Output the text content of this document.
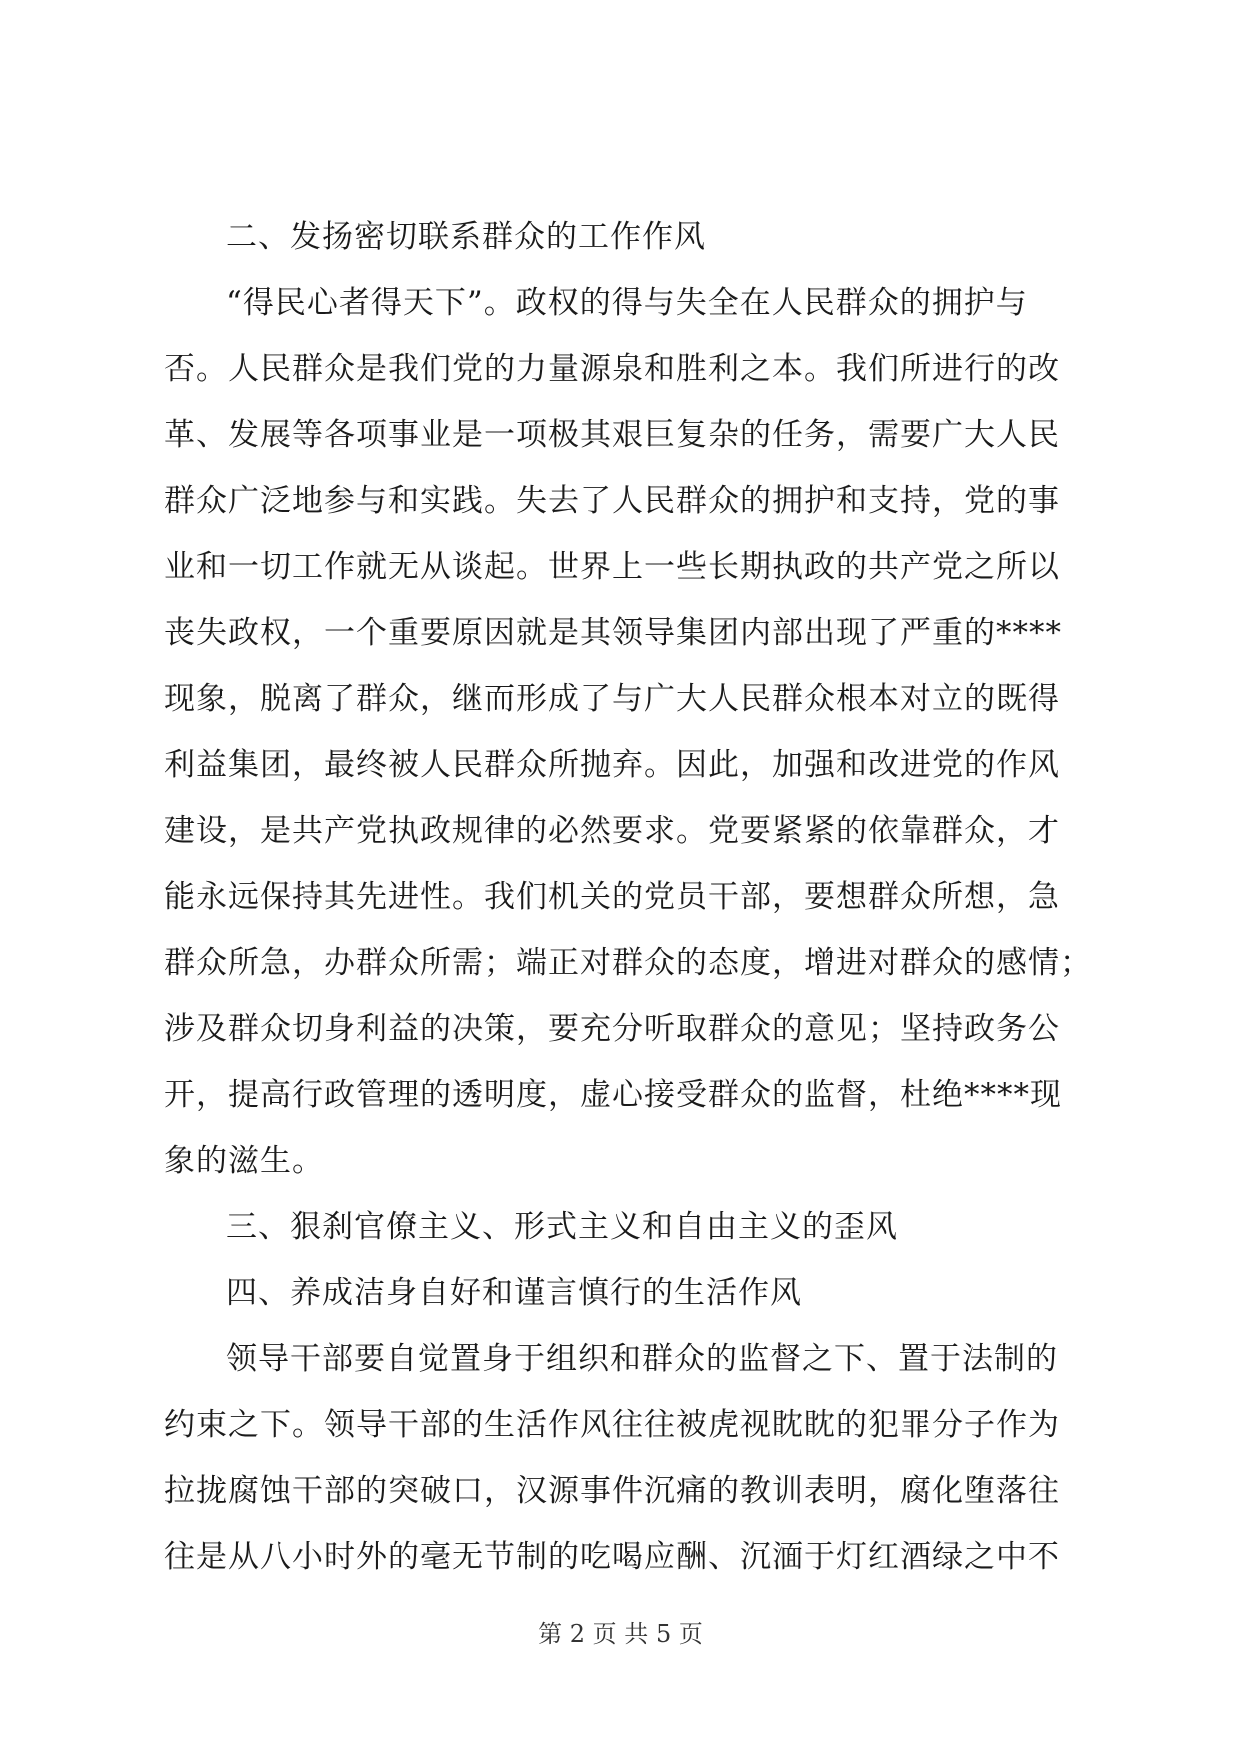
二、发扬密切联系群众的工作作风
“得民心者得天下”。政权的得与失全在人民群众的拥护与
否。人民群众是我们党的力量源泉和胜利之本。我们所进行的改
革、发展等各项事业是一项极其艰巨复杂的任务，需要广大人民
群众广泛地参与和实践。失去了人民群众的拥护和支持，党的事
业和一切工作就无从谈起。世界上一些长期执政的共产党之所以
丧失政权，一个重要原因就是其领导集团内部出现了严重的****
现象，脱离了群众，继而形成了与广大人民群众根本对立的既得
利益集团，最终被人民群众所抛弃。因此，加强和改进党的作风
建设，是共产党执政规律的必然要求。党要紧紧的依靠群众，才
能永远保持其先进性。我们机关的党员干部，要想群众所想，急
群众所急，办群众所需；端正对群众的态度，增进对群众的感情；
涉及群众切身利益的决策，要充分听取群众的意见；坚持政务公
开，提高行政管理的透明度，虚心接受群众的监督，杜绝****现
象的滋生。
三、狠刹官僚主义、形式主义和自由主义的歪风
四、养成洁身自好和谨言慎行的生活作风
领导干部要自觉置身于组织和群众的监督之下、置于法制的
约束之下。领导干部的生活作风往往被虎视眈眈的犯罪分子作为
拉拢腐蚀干部的突破口，汉源事件沉痛的教训表明，腐化堕落往
往是从八小时外的毫无节制的吃喝应酬、沉湎于灯红酒绿之中不
第 2 页 共 5 页
